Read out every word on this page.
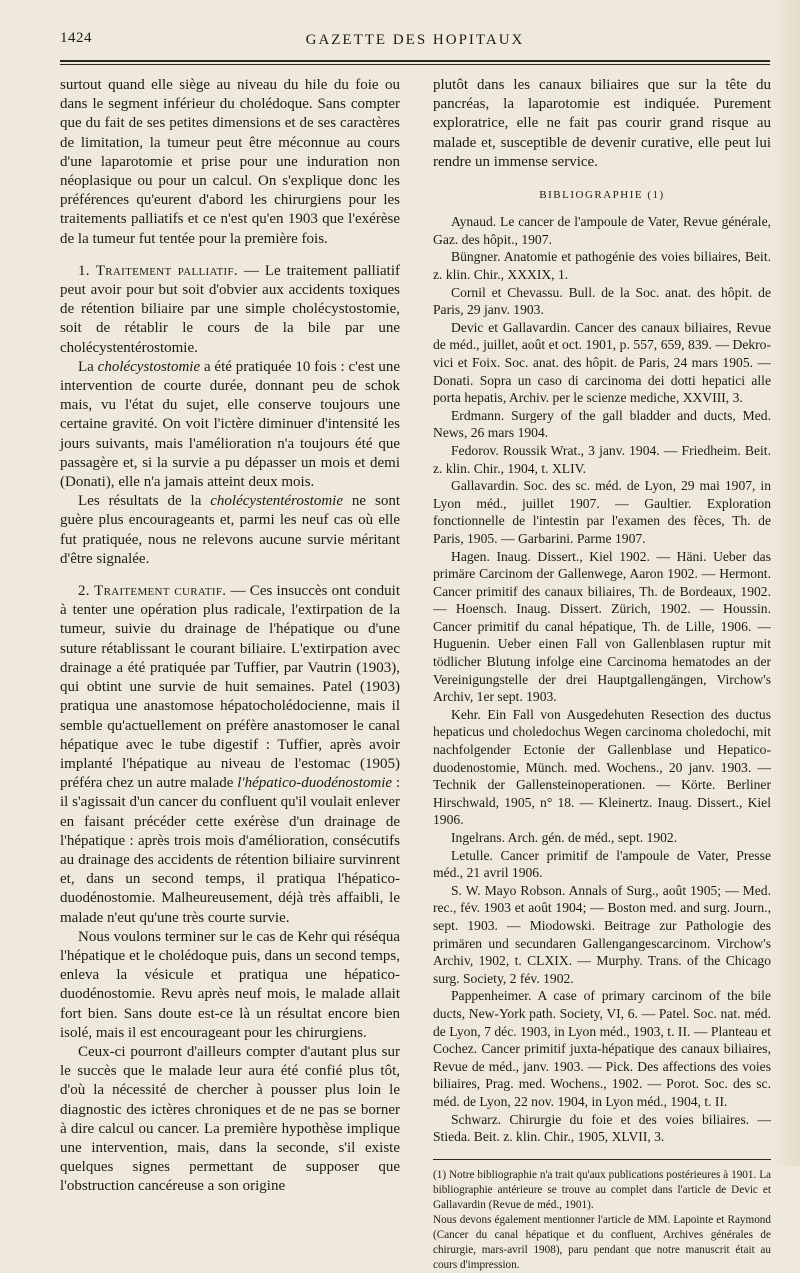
1424	GAZETTE DES HOPITAUX

surtout quand elle siège au niveau du hile du foie ou dans le segment inférieur du cholédoque. Sans compter que du fait de ses petites dimensions et de ses caractères de limitation, la tumeur peut être méconnue au cours d'une laparotomie et prise pour une induration non néoplasique ou pour un calcul. On s'explique donc les préférences qu'eurent d'abord les chirurgiens pour les traitements palliatifs et ce n'est qu'en 1903 que l'exérèse de la tumeur fut tentée pour la première fois.

1. Traitement palliatif. — Le traitement palliatif peut avoir pour but soit d'obvier aux accidents toxiques de rétention biliaire par une simple cholécystostomie, soit de rétablir le cours de la bile par une cholécystentérostomie.

La cholécystostomie a été pratiquée 10 fois : c'est une intervention de courte durée, donnant peu de schok mais, vu l'état du sujet, elle conserve toujours une certaine gravité. On voit l'ictère diminuer d'intensité les jours suivants, mais l'amélioration n'a toujours été que passagère et, si la survie a pu dépasser un mois et demi (Donati), elle n'a jamais atteint deux mois.

Les résultats de la cholécystentérostomie ne sont guère plus encourageants et, parmi les neuf cas où elle fut pratiquée, nous ne relevons aucune survie méritant d'être signalée.

2. Traitement curatif. — Ces insuccès ont conduit à tenter une opération plus radicale, l'extirpation de la tumeur, suivie du drainage de l'hépatique ou d'une suture rétablissant le courant biliaire. L'extirpation avec drainage a été pratiquée par Tuffier, par Vautrin (1903), qui obtint une survie de huit semaines. Patel (1903) pratiqua une anastomose hépatocholédocienne, mais il semble qu'actuellement on préfère anastomoser le canal hépatique avec le tube digestif : Tuffier, après avoir implanté l'hépatique au niveau de l'estomac (1905) préféra chez un autre malade l'hépatico-duodénostomie : il s'agissait d'un cancer du confluent qu'il voulait enlever en faisant précéder cette exérèse d'un drainage de l'hépatique : après trois mois d'amélioration, consécutifs au drainage des accidents de rétention biliaire survinrent et, dans un second temps, il pratiqua l'hépatico-duodénostomie. Malheureusement, déjà très affaibli, le malade n'eut qu'une très courte survie.

Nous voulons terminer sur le cas de Kehr qui réséqua l'hépatique et le cholédoque puis, dans un second temps, enleva la vésicule et pratiqua une hépatico-duodénostomie. Revu après neuf mois, le malade allait fort bien. Sans doute est-ce là un résultat encore bien isolé, mais il est encourageant pour les chirurgiens.

Ceux-ci pourront d'ailleurs compter d'autant plus sur le succès que le malade leur aura été confié plus tôt, d'où la nécessité de chercher à pousser plus loin le diagnostic des ictères chroniques et de ne pas se borner à dire calcul ou cancer. La première hypothèse implique une intervention, mais, dans la seconde, s'il existe quelques signes permettant de supposer que l'obstruction cancéreuse a son origine

plutôt dans les canaux biliaires que sur la tête du pancréas, la laparotomie est indiquée. Purement exploratrice, elle ne fait pas courir grand risque au malade et, susceptible de devenir curative, elle peut lui rendre un immense service.

BIBLIOGRAPHIE (1)

Aynaud. Le cancer de l'ampoule de Vater, Revue générale, Gaz. des hôpit., 1907.

Büngner. Anatomie et pathogénie des voies biliaires, Beit. z. klin. Chir., XXXIX, 1.

Cornil et Chevassu. Bull. de la Soc. anat. des hôpit. de Paris, 29 janv. 1903.

Devic et Gallavardin. Cancer des canaux biliaires, Revue de méd., juillet, août et oct. 1901, p. 557, 659, 839. — Dekro-vici et Foix. Soc. anat. des hôpit. de Paris, 24 mars 1905. — Donati. Sopra un caso di carcinoma dei dotti hepatici alle porta hepatis, Archiv. per le scienze mediche, XXVIII, 3.

Erdmann. Surgery of the gall bladder and ducts, Med. News, 26 mars 1904.

Fedorov. Roussik Wrat., 3 janv. 1904. — Friedheim. Beit. z. klin. Chir., 1904, t. XLIV.

Gallavardin. Soc. des sc. méd. de Lyon, 29 mai 1907, in Lyon méd., juillet 1907. — Gaultier. Exploration fonctionnelle de l'intestin par l'examen des fèces, Th. de Paris, 1905. — Garbarini. Parme 1907.

Hagen. Inaug. Dissert., Kiel 1902. — Häni. Ueber das primäre Carcinom der Gallenwege, Aaron 1902. — Hermont. Cancer primitif des canaux biliaires, Th. de Bordeaux, 1902. — Hoensch. Inaug. Dissert. Zürich, 1902. — Houssin. Cancer primitif du canal hépatique, Th. de Lille, 1906. — Huguenin. Ueber einen Fall von Gallenblasen ruptur mit tödlicher Blutung infolge eine Carcinoma hematodes an der Vereinigungstelle der drei Hauptgallengängen, Virchow's Archiv, 1er sept. 1903.

Kehr. Ein Fall von Ausgedehuten Resection des ductus hepaticus und choledochus Wegen carcinoma choledochi, mit nachfolgender Ectonie der Gallenblase und Hepatico-duodenostomie, Münch. med. Wochens., 20 janv. 1903. — Technik der Gallensteinoperationen. — Körte. Berliner Hirschwald, 1905, n° 18. — Kleinertz. Inaug. Dissert., Kiel 1906.

Ingelrans. Arch. gén. de méd., sept. 1902.

Letulle. Cancer primitif de l'ampoule de Vater, Presse méd., 21 avril 1906.

S. W. Mayo Robson. Annals of Surg., août 1905; — Med. rec., fév. 1903 et août 1904; — Boston med. and surg. Journ., sept. 1903. — Miodowski. Beitrage zur Pathologie des primären und secundaren Gallengangescarcinom. Virchow's Archiv, 1902, t. CLXIX. — Murphy. Trans. of the Chicago surg. Society, 2 fév. 1902.

Pappenheimer. A case of primary carcinom of the bile ducts, New-York path. Society, VI, 6. — Patel. Soc. nat. méd. de Lyon, 7 déc. 1903, in Lyon méd., 1903, t. II. — Planteau et Cochez. Cancer primitif juxta-hépatique des canaux biliaires, Revue de méd., janv. 1903. — Pick. Des affections des voies biliaires, Prag. med. Wochens., 1902. — Porot. Soc. des sc. méd. de Lyon, 22 nov. 1904, in Lyon méd., 1904, t. II.

Schwarz. Chirurgie du foie et des voies biliaires. — Stieda. Beit. z. klin. Chir., 1905, XLVII, 3.

(1) Notre bibliographie n'a trait qu'aux publications postérieures à 1901. La bibliographie antérieure se trouve au complet dans l'article de Devic et Gallavardin (Revue de méd., 1901).

Nous devons également mentionner l'article de MM. Lapointe et Raymond (Cancer du canal hépatique et du confluent, Archives générales de chirurgie, mars-avril 1908), paru pendant que notre manuscrit était au cours d'impression.
